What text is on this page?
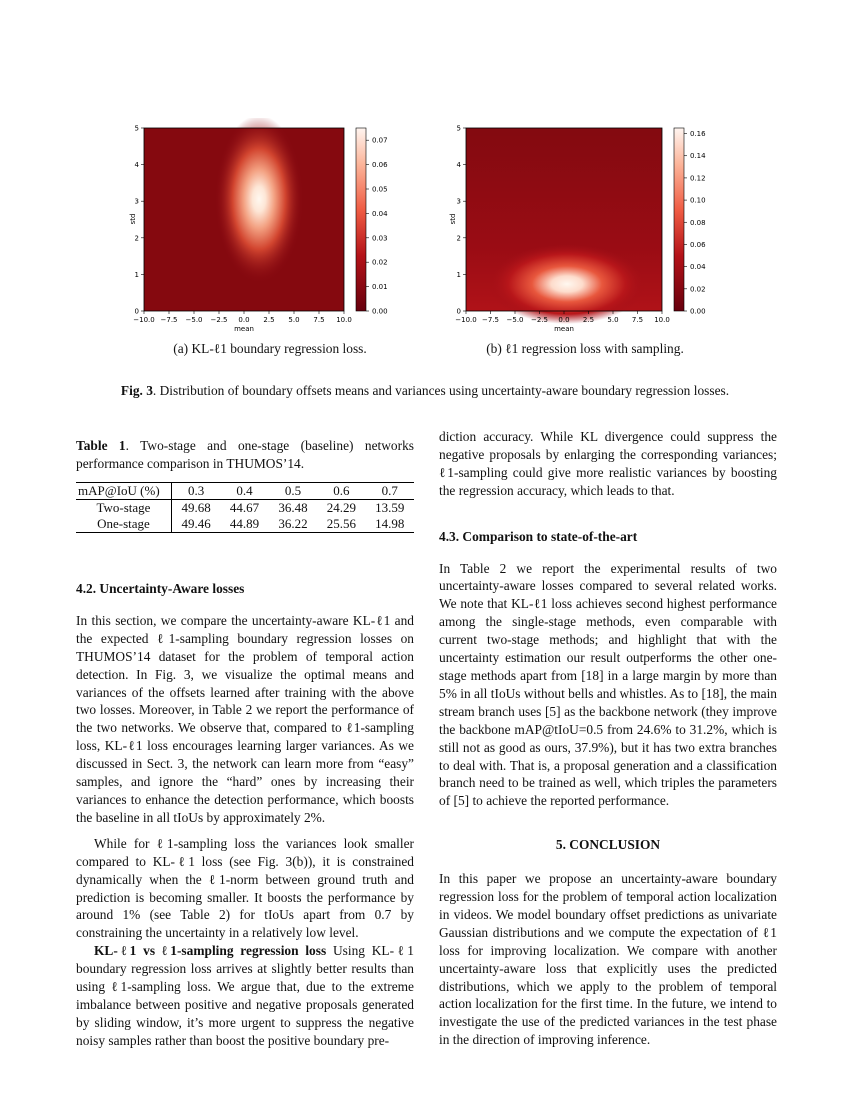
−10.0 −7.5 −5.0 −2.5 0.0 2.5 5.0 7.5 10.0
0
1
2
3
4
5
mean
std
0.07
0.06
0.05
0.04
0.03
0.02
0.01
0.00
−10.0 −7.5 −5.0 −2.5 0.0 2.5 5.0 7.5 10.0
0
1
2
3
4
5
mean
std
0.16
0.14
0.12
0.10
0.08
0.06
0.04
0.02
0.00
(a) KL-ℓ1 boundary regression loss.	(b) ℓ1 regression loss with sampling.
Fig. 3. Distribution of boundary offsets means and variances using uncertainty-aware boundary regression losses.

Table 1. Two-stage and one-stage (baseline) networks performance comparison in THUMOS’14.

mAP@IoU (%)	0.3	0.4	0.5	0.6	0.7
Two-stage	49.68	44.67	36.48	24.29	13.59
One-stage	49.46	44.89	36.22	25.56	14.98

4.2. Uncertainty-Aware losses

In this section, we compare the uncertainty-aware KL-ℓ1 and the expected ℓ1-sampling boundary regression losses on THUMOS’14 dataset for the problem of temporal action detection. In Fig. 3, we visualize the optimal means and variances of the offsets learned after training with the above two losses. Moreover, in Table 2 we report the performance of the two networks. We observe that, compared to ℓ1-sampling loss, KL-ℓ1 loss encourages learning larger variances. As we discussed in Sect. 3, the network can learn more from “easy” samples, and ignore the “hard” ones by increasing their variances to enhance the detection performance, which boosts the baseline in all tIoUs by approximately 2%.

While for ℓ1-sampling loss the variances look smaller compared to KL-ℓ1 loss (see Fig. 3(b)), it is constrained dynamically when the ℓ1-norm between ground truth and prediction is becoming smaller. It boosts the performance by around 1% (see Table 2) for tIoUs apart from 0.7 by constraining the uncertainty in a relatively low level.

KL-ℓ1 vs ℓ1-sampling regression loss Using KL-ℓ1 boundary regression loss arrives at slightly better results than using ℓ1-sampling loss. We argue that, due to the extreme imbalance between positive and negative proposals generated by sliding window, it’s more urgent to suppress the negative noisy samples rather than boost the positive boundary pre-

diction accuracy. While KL divergence could suppress the negative proposals by enlarging the corresponding variances; ℓ1-sampling could give more realistic variances by boosting the regression accuracy, which leads to that.

4.3. Comparison to state-of-the-art

In Table 2 we report the experimental results of two uncertainty-aware losses compared to several related works. We note that KL-ℓ1 loss achieves second highest performance among the single-stage methods, even comparable with current two-stage methods; and highlight that with the uncertainty estimation our result outperforms the other one-stage methods apart from [18] in a large margin by more than 5% in all tIoUs without bells and whistles. As to [18], the main stream branch uses [5] as the backbone network (they improve the backbone mAP@tIoU=0.5 from 24.6% to 31.2%, which is still not as good as ours, 37.9%), but it has two extra branches to deal with. That is, a proposal generation and a classification branch need to be trained as well, which triples the parameters of [5] to achieve the reported performance.

5. CONCLUSION

In this paper we propose an uncertainty-aware boundary regression loss for the problem of temporal action localization in videos. We model boundary offset predictions as univariate Gaussian distributions and we compute the expectation of ℓ1 loss for improving localization. We compare with another uncertainty-aware loss that explicitly uses the predicted distributions, which we apply to the problem of temporal action localization for the first time. In the future, we intend to investigate the use of the predicted variances in the test phase in the direction of improving inference.
